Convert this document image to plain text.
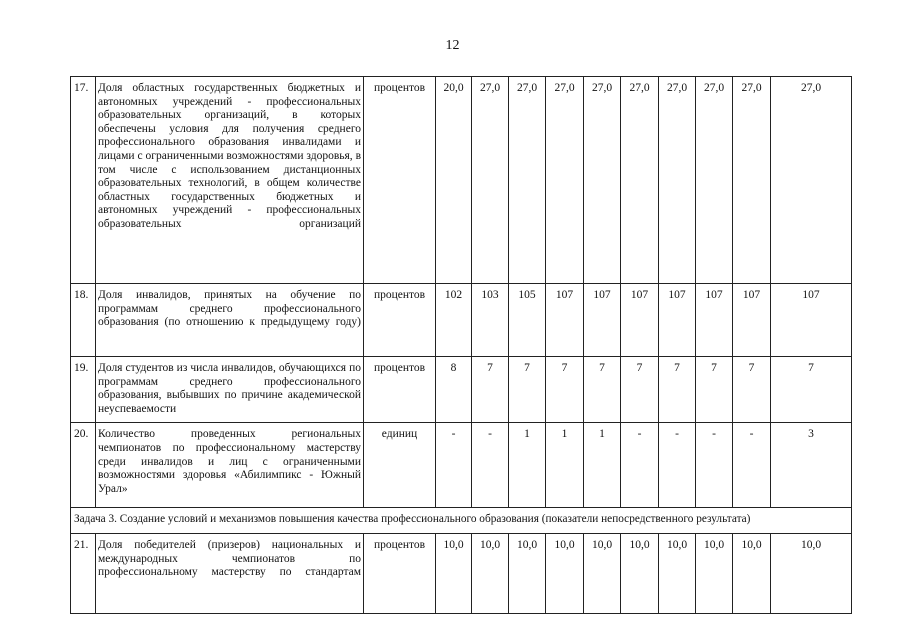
12
17.	Доля областных государственных бюджетных и автономных учреждений - профессиональных образовательных организаций, в которых обеспечены условия для получения среднего профессионального образования инвалидами и лицами с ограниченными возможностями здоровья, в том числе с использованием дистанционных образовательных технологий, в общем количестве областных государственных бюджетных и автономных учреждений - профессиональных образовательных организаций	процентов	20,0	27,0	27,0	27,0	27,0	27,0	27,0	27,0	27,0	27,0
18.	Доля инвалидов, принятых на обучение по программам среднего профессионального образования (по отношению к предыдущему году)	процентов	102	103	105	107	107	107	107	107	107	107
19.	Доля студентов из числа инвалидов, обучающихся по программам среднего профессионального образования, выбывших по причине академической неуспеваемости	процентов	8	7	7	7	7	7	7	7	7	7
20.	Количество проведенных региональных чемпионатов по профессиональному мастерству среди инвалидов и лиц с ограниченными возможностями здоровья «Абилимпикс - Южный Урал»	единиц	-	-	1	1	1	-	-	-	-	3
Задача 3. Создание условий и механизмов повышения качества профессионального образования (показатели непосредственного результата)												
21.	Доля победителей (призеров) национальных и международных чемпионатов по профессиональному мастерству по стандартам	процентов	10,0	10,0	10,0	10,0	10,0	10,0	10,0	10,0	10,0	10,0
